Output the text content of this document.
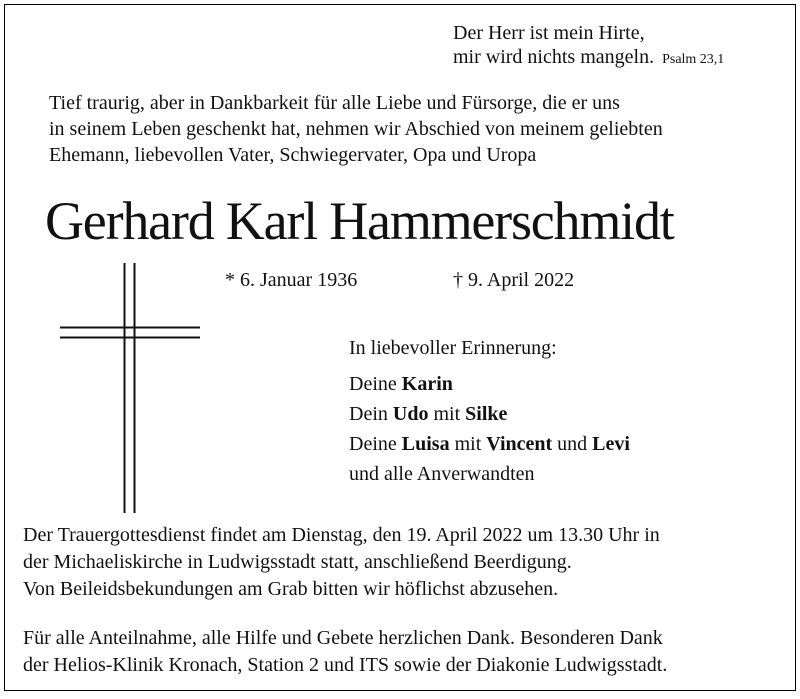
Der Herr ist mein Hirte,
mir wird nichts mangeln. Psalm 23,1
Tief traurig, aber in Dankbarkeit für alle Liebe und Fürsorge, die er uns
in seinem Leben geschenkt hat, nehmen wir Abschied von meinem geliebten
Ehemann, liebevollen Vater, Schwiegervater, Opa und Uropa
Gerhard Karl Hammerschmidt
* 6. Januar 1936	† 9. April 2022
In liebevoller Erinnerung:
Deine Karin
Dein Udo mit Silke
Deine Luisa mit Vincent und Levi
und alle Anverwandten
Der Trauergottesdienst findet am Dienstag, den 19. April 2022 um 13.30 Uhr in
der Michaeliskirche in Ludwigsstadt statt, anschließend Beerdigung.
Von Beileidsbekundungen am Grab bitten wir höflichst abzusehen.
Für alle Anteilnahme, alle Hilfe und Gebete herzlichen Dank. Besonderen Dank
der Helios-Klinik Kronach, Station 2 und ITS sowie der Diakonie Ludwigsstadt.
